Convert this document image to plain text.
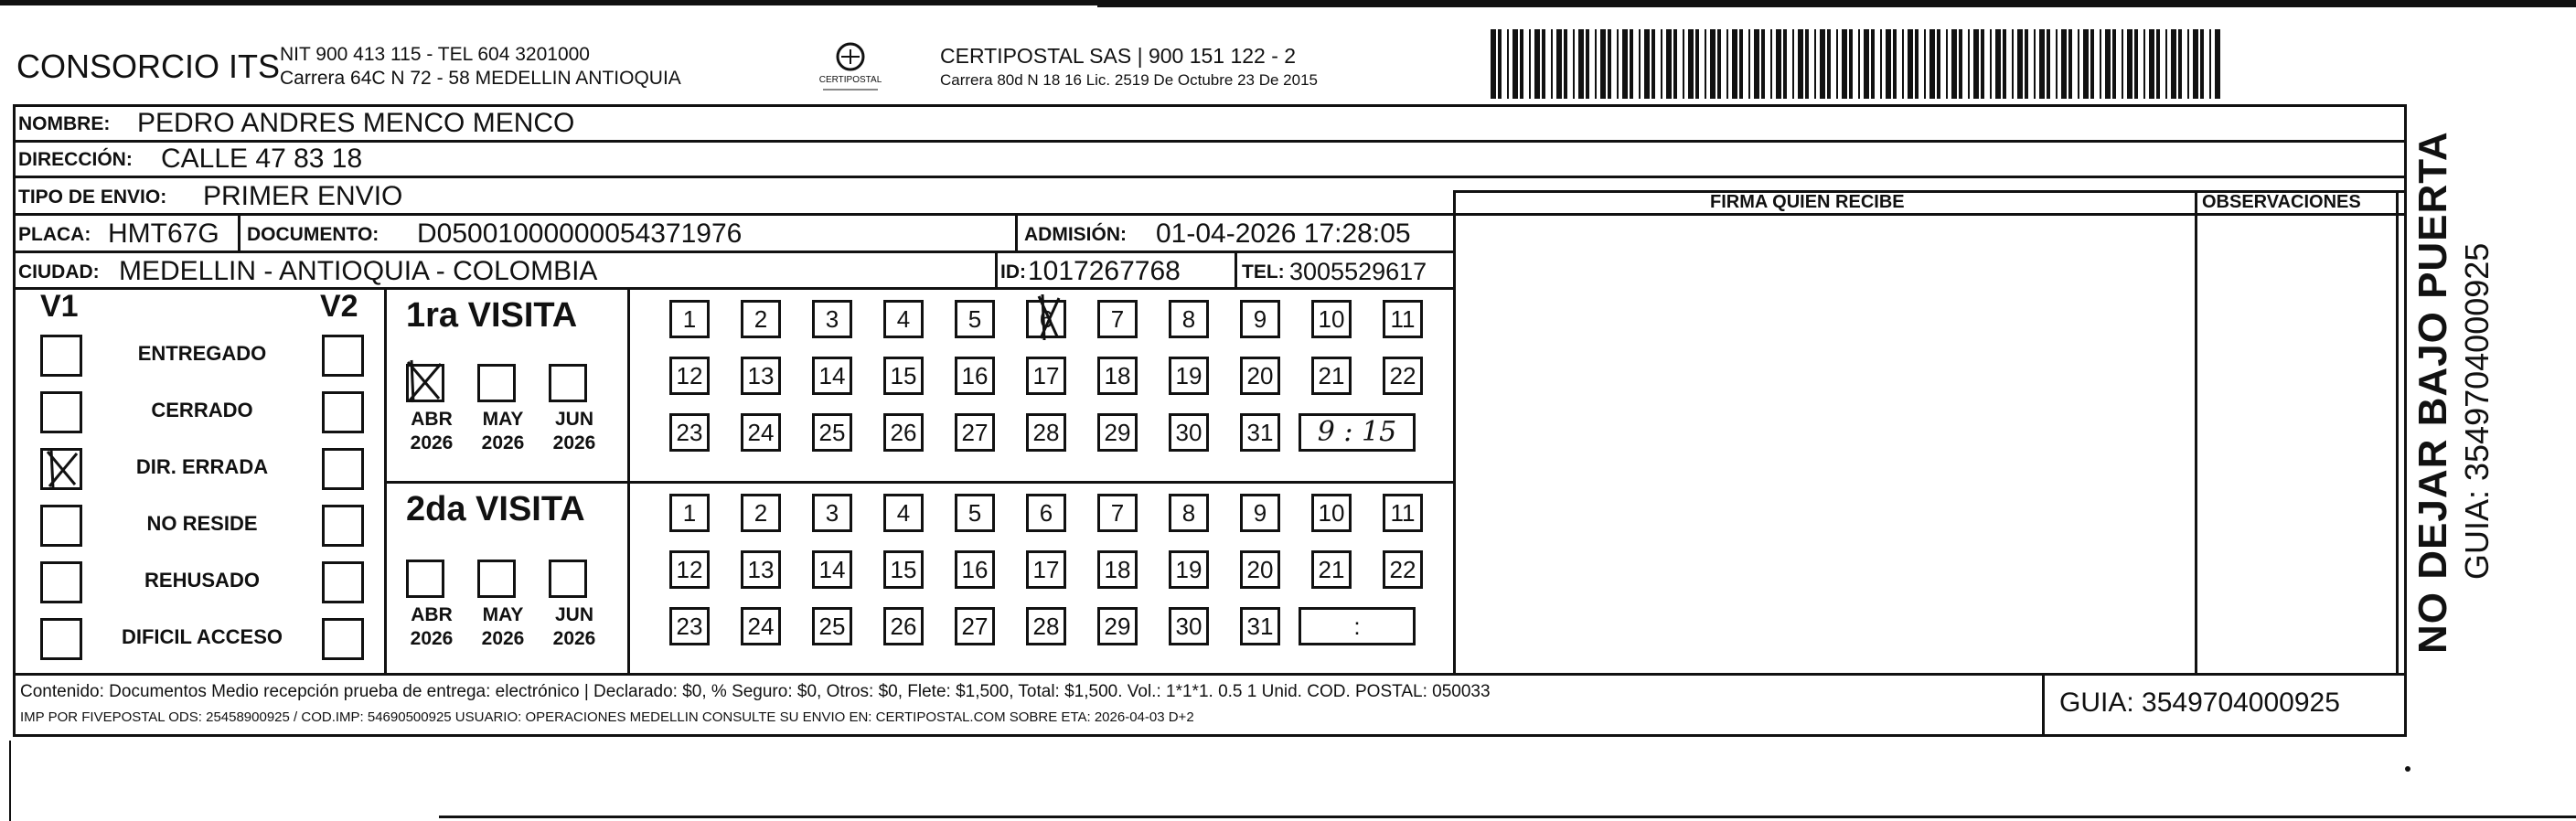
CONSORCIO ITS NIT 900 413 115 - TEL 604 3201000
Carrera 64C N 72 - 58 MEDELLIN ANTIOQUIA	CERTIPOSTAL
CERTIPOSTAL SAS | 900 151 122 - 2
Carrera 80d N 18 16 Lic. 2519 De Octubre 23 De 2015
NOMBRE: PEDRO ANDRES MENCO MENCO
DIRECCIÓN: CALLE 47 83 18
TIPO DE ENVIO: PRIMER ENVIO	FIRMA QUIEN RECIBE	OBSERVACIONES
PLACA: HMT67G DOCUMENTO: D05001000000054371976	ADMISIÓN: 01-04-2026 17:28:05
CIUDAD: MEDELLIN - ANTIOQUIA - COLOMBIA	ID: 1017267768	TEL: 3005529617
V1	V2
ENTREGADO
CERRADO
DIR. ERRADA
NO RESIDE
REHUSADO
DIFICIL ACCESO
1ra VISITA
ABR
2026
MAY
2026
JUN
2026
1	2	3	4	5	6	7	8	9	10	11
12 13 14 15 16 17 18 19 20 21 22
23 24 25 26 27 28 29 30 31	9 : 15
2da VISITA
ABR
2026
MAY
2026
JUN
2026
1	2	3	4	5	6	7	8	9	10	11
12 13 14 15 16 17 18 19 20 21 22
23 24 25 26 27 28 29 30 31	:
Contenido: Documentos Medio recepción prueba de entrega: electrónico | Declarado: $0, % Seguro: $0, Otros: $0, Flete: $1,500, Total: $1,500. Vol.: 1*1*1. 0.5 1 Unid. COD. POSTAL: 050033
IMP POR FIVEPOSTAL ODS: 25458900925 / COD.IMP: 54690500925 USUARIO: OPERACIONES MEDELLIN CONSULTE SU ENVIO EN: CERTIPOSTAL.COM SOBRE ETA: 2026-04-03 D+2	GUIA: 3549704000925
NO DEJAR BAJO PUERTA GUIA: 3549704000925
